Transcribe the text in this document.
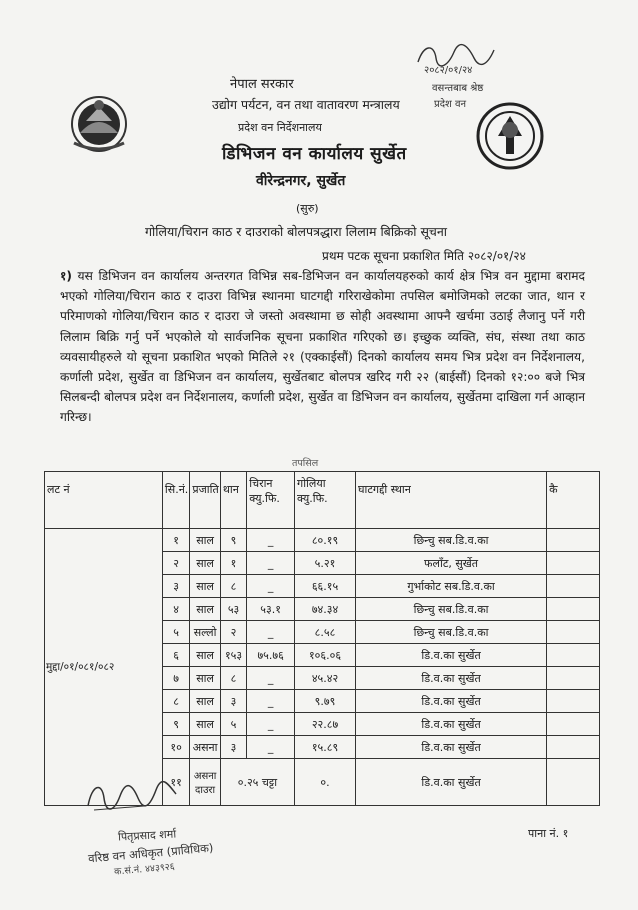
२०८२/०१/२४
वसन्तबाब श्रेष्ठ
प्रदेश वन
नेपाल सरकार
उद्योग पर्यटन, वन तथा वातावरण मन्त्रालय
प्रदेश वन निर्देशनालय
डिभिजन वन कार्यालय सुर्खेत
वीरेन्द्रनगर, सुर्खेत
(सुरु)
गोलिया/चिरान काठ र दाउराको बोलपत्रद्धारा लिलाम बिक्रिको सूचना
प्रथम पटक सूचना प्रकाशित मिति २०८२/०१/२४
१) यस डिभिजन वन कार्यालय अन्तरगत विभिन्न सब-डिभिजन वन कार्यालयहरुको कार्य क्षेत्र भित्र वन मुद्दामा बरामद भएको गोलिया/चिरान काठ र दाउरा विभिन्न स्थानमा घाटगद्दी गरिराखेकोमा तपसिल बमोजिमको लटका जात, थान र परिमाणको गोलिया/चिरान काठ र दाउरा जे जस्तो अवस्थामा छ सोही अवस्थामा आफ्नै खर्चमा उठाई लैजानु पर्ने गरी लिलाम बिक्रि गर्नु पर्ने भएकोले यो सार्वजनिक सूचना प्रकाशित गरिएको छ। इच्छुक व्यक्ति, संघ, संस्था तथा काठ व्यवसायीहरुले यो सूचना प्रकाशित भएको मितिले २१ (एक्काईसौं) दिनको कार्यालय समय भित्र प्रदेश वन निर्देशनालय, कर्णाली प्रदेश, सुर्खेत वा डिभिजन वन कार्यालय, सुर्खेतबाट बोलपत्र खरिद गरी २२ (बाईसौं) दिनको १२:०० बजे भित्र सिलबन्दी बोलपत्र प्रदेश वन निर्देशनालय, कर्णाली प्रदेश, सुर्खेत वा डिभिजन वन कार्यालय, सुर्खेतमा दाखिला गर्न आव्हान गरिन्छ।
तपसिल
लट नं	सि.नं.	प्रजाति	थान	चिरान क्यु.फि.	गोलिया क्यु.फि.	घाटगद्दी स्थान	कै
मुद्दा/०१/०८१/०८२	१	साल	९	_	८०.१९	छिन्चु सब.डि.व.का	
	२	साल	१	_	५.२१	फलाँट, सुर्खेत	
	३	साल	८	_	६६.१५	गुर्भाकोट सब.डि.व.का	
	४	साल	५३	५३.१	७४.३४	छिन्चु सब.डि.व.का	
	५	सल्लो	२	_	८.५८	छिन्चु सब.डि.व.का	
	६	साल	१५३	७५.७६	१०६.०६	डि.व.का सुर्खेत	
	७	साल	८	_	४५.४२	डि.व.का सुर्खेत	
	८	साल	३	_	९.७९	डि.व.का सुर्खेत	
	९	साल	५	_	२२.८७	डि.व.का सुर्खेत	
	१०	असना	३	_	१५.८९	डि.व.का सुर्खेत	
	११	असना दाउरा	०.२५ चट्टा		०.	डि.व.का सुर्खेत	
पितृप्रसाद शर्मा
वरिष्ठ वन अधिकृत (प्राविधिक)
क.सं.नं. ४४३९२६
पाना नं. १
